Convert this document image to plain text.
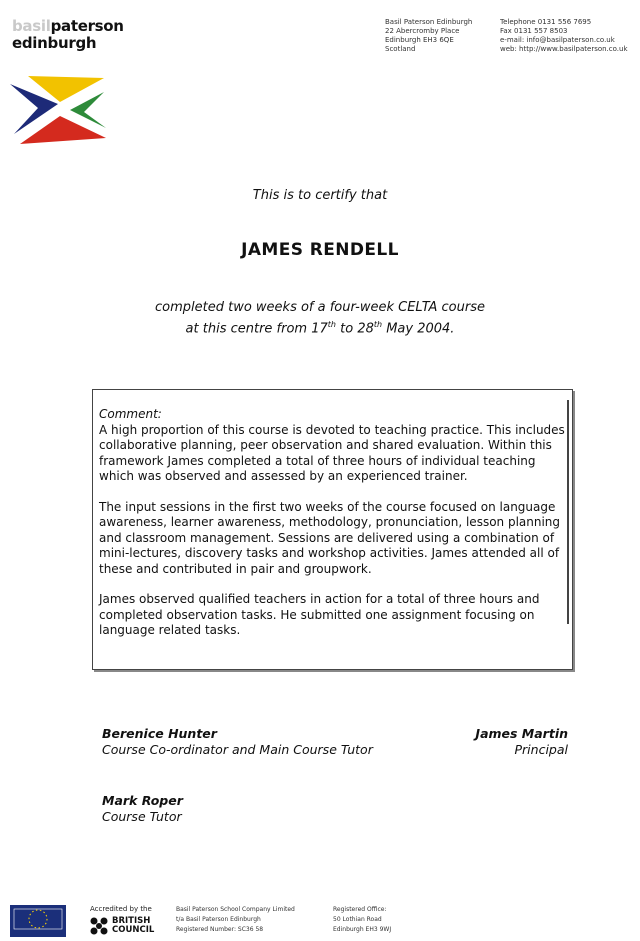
basilpaterson
edinburgh
Basil Paterson Edinburgh
22 Abercromby Place
Edinburgh EH3 6QE
Scotland
Telephone 0131 556 7695
Fax 0131 557 8503
e-mail: info@basilpaterson.co.uk
web: http://www.basilpaterson.co.uk
This is to certify that
JAMES RENDELL
completed two weeks of a four-week CELTA course
at this centre from 17th to 28th May 2004.
Comment:

A high proportion of this course is devoted to teaching practice. This includes collaborative planning, peer observation and shared evaluation. Within this framework James completed a total of three hours of individual teaching which was observed and assessed by an experienced trainer.

The input sessions in the first two weeks of the course focused on language awareness, learner awareness, methodology, pronunciation, lesson planning and classroom management. Sessions are delivered using a combination of mini-lectures, discovery tasks and workshop activities. James attended all of these and contributed in pair and groupwork.

James observed qualified teachers in action for a total of three hours and completed observation tasks. He submitted one assignment focusing on language related tasks.

Berenice Hunter
Course Co-ordinator and Main Course Tutor
James Martin
Principal
Mark Roper
Course Tutor
Accredited by the
BRITISH
COUNCIL
Basil Paterson School Company Limited
t/a Basil Paterson Edinburgh
Registered Number: SC36 58
Registered Office:
50 Lothian Road
Edinburgh EH3 9WJ
